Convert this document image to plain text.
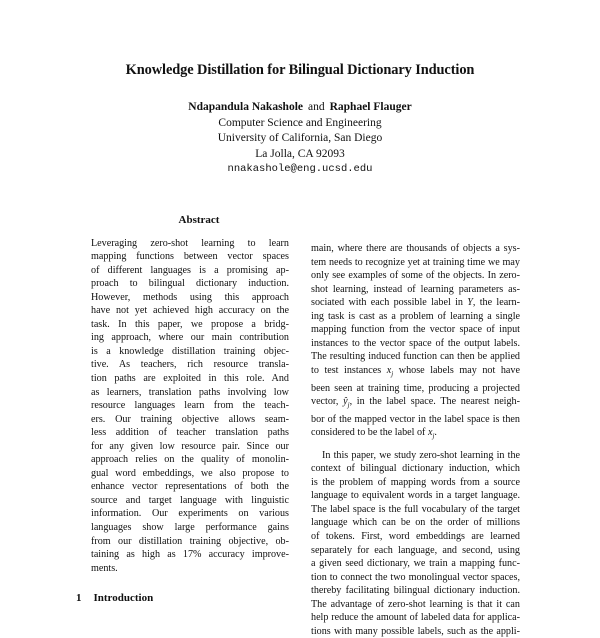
Knowledge Distillation for Bilingual Dictionary Induction
Ndapandula Nakashole and Raphael Flauger
Computer Science and Engineering
University of California, San Diego
La Jolla, CA 92093
nnakashole@eng.ucsd.edu
Abstract
Leveraging zero-shot learning to learn
mapping functions between vector spaces
of different languages is a promising ap-
proach to bilingual dictionary induction.
However, methods using this approach
have not yet achieved high accuracy on the
task. In this paper, we propose a bridg-
ing approach, where our main contribution
is a knowledge distillation training objec-
tive. As teachers, rich resource transla-
tion paths are exploited in this role. And
as learners, translation paths involving low
resource languages learn from the teach-
ers. Our training objective allows seam-
less addition of teacher translation paths
for any given low resource pair. Since our
approach relies on the quality of monolin-
gual word embeddings, we also propose to
enhance vector representations of both the
source and target language with linguistic
information. Our experiments on various
languages show large performance gains
from our distillation training objective, ob-
taining as high as 17% accuracy improve-
ments.
1 Introduction
main, where there are thousands of objects a sys-
tem needs to recognize yet at training time we may
only see examples of some of the objects. In zero-
shot learning, instead of learning parameters as-
sociated with each possible label in Y, the learn-
ing task is cast as a problem of learning a single
mapping function from the vector space of input
instances to the vector space of the output labels.
The resulting induced function can then be applied
to test instances $x_j$ whose labels may not have
been seen at training time, producing a projected
vector, $ŷ_j$, in the label space. The nearest neigh-
bor of the mapped vector in the label space is then
considered to be the label of $x_j$.
In this paper, we study zero-shot learning in the
context of bilingual dictionary induction, which
is the problem of mapping words from a source
language to equivalent words in a target language.
The label space is the full vocabulary of the target
language which can be on the order of millions
of tokens. First, word embeddings are learned
separately for each language, and second, using
a given seed dictionary, we train a mapping func-
tion to connect the two monolingual vector spaces,
thereby facilitating bilingual dictionary induction.
The advantage of zero-shot learning is that it can
help reduce the amount of labeled data for applica-
tions with many possible labels, such as the appli-
